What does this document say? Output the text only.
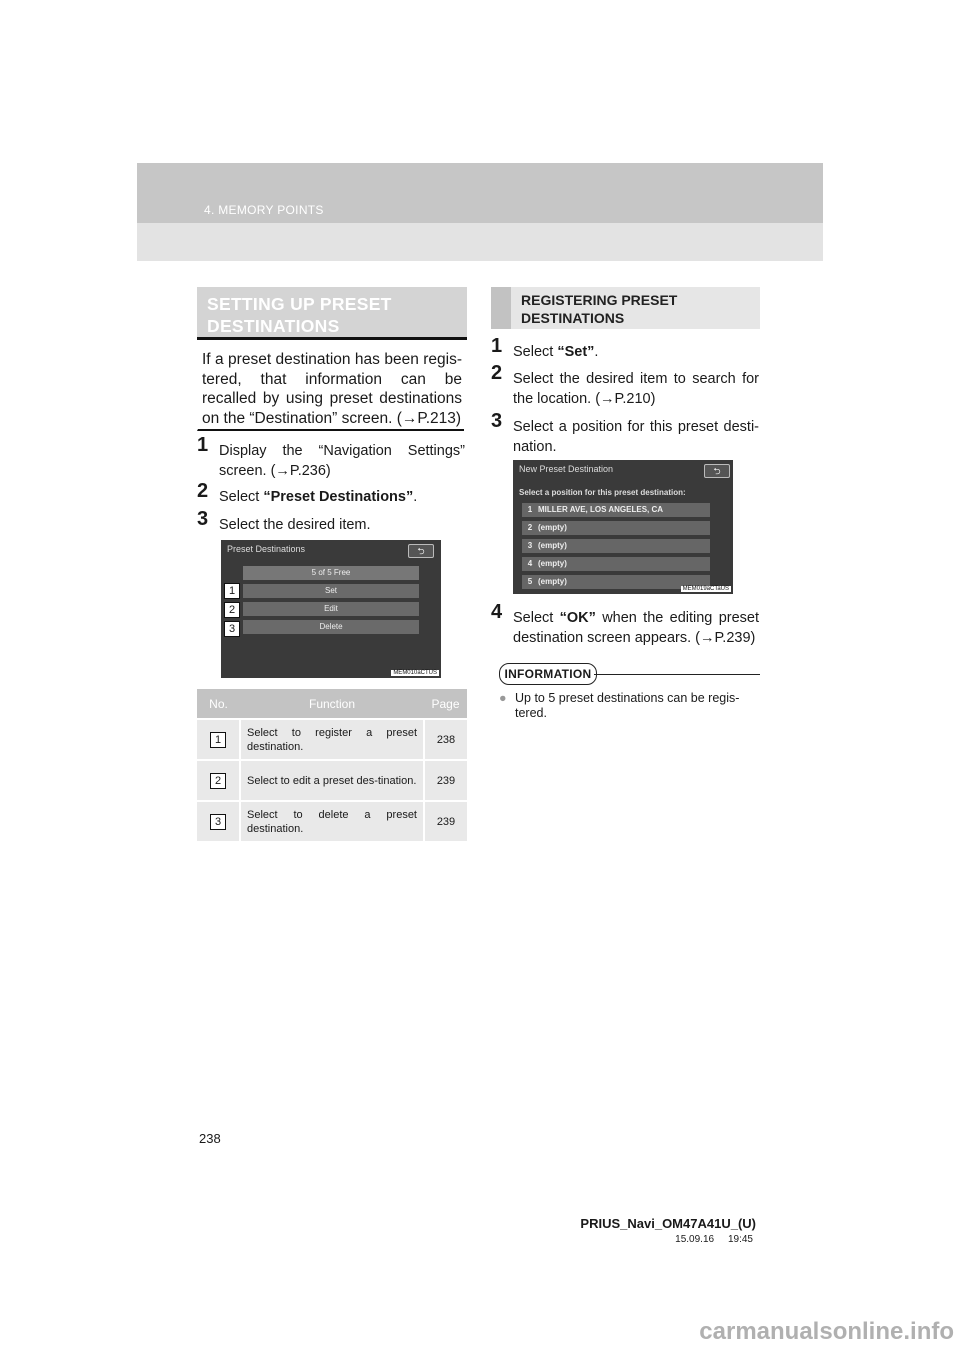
4. MEMORY POINTS
SETTING UP PRESET
DESTINATIONS

If a preset destination has been regis-tered, that information can be recalled by using preset destinations on the “Destination” screen. (→P.213)

1 Display the “Navigation Settings” screen. (→P.236)
2 Select “Preset Destinations”.
3 Select the desired item.
Preset Destinations	⮌
5 of 5 Free
Set
Edit
Delete
MEM010aCTUS
1
2
3
No.	Function	Page
1	Select to register a preset destination.	238
2	Select to edit a preset des-tination.	239
3	Select to delete a preset destination.	239
REGISTERING PRESET
DESTINATIONS
1 Select “Set”.
2 Select the desired item to search for the location. (→P.210)
3 Select a position for this preset desti-nation.
New Preset Destination	⮌
Select a position for this preset destination:
1 MILLER AVE, LOS ANGELES, CA
2 (empty)
3 (empty)
4 (empty)
5 (empty)
MEM019aCTaUS
4 Select “OK” when the editing preset destination screen appears. (→P.239)
INFORMATION
● Up to 5 preset destinations can be regis-tered.
238
PRIUS_Navi_OM47A41U_(U)
15.09.16     19:45
carmanualsonline.info
